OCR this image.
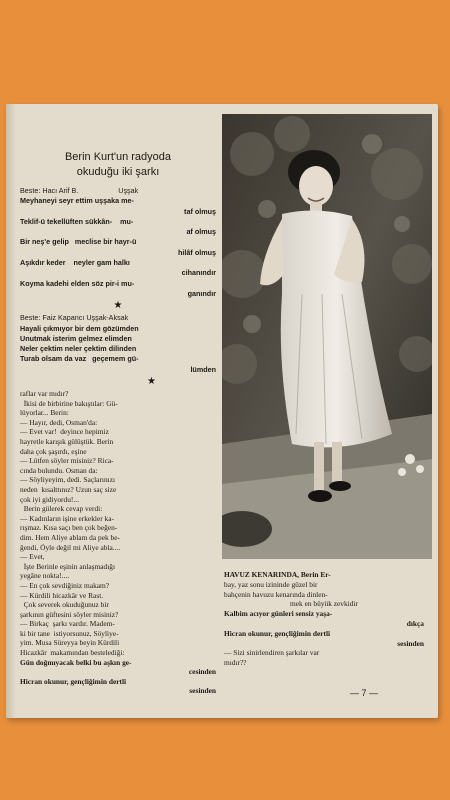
Berin Kurt'un radyoda
okuduğu iki şarkı
Beste: Hacı Arif B.                    Uşşak
Meyhaneyi seyr ettim uşşaka me-
taf olmuş
Teklif-ü tekellüften sükkân-    mu-
af olmuş
Bir neş'e gelip   meclise bir hayr-ü
hilâf olmuş
Aşıkdır keder    neyler gam halkı
cihanındır
Koyma kadehi elden söz pir-i mu-
ganındır
★
Beste: Faiz Kapancı Uşşak-Aksak
Hayali çıkmıyor bir dem gözümden
Unutmak isterim gelmez elimden
Neler çektim neler çektim dilinden
Turab olsam da vaz   geçemem gü-
lümden
★
raflar var mıdır?
İkisi de birbirine bakıştılar: Gü-
lüyorlar... Berin:
— Hayır, dedi, Osman'da:
— Evet var!  deyince hepimiz
hayretle karışık gülüştük. Berin
daha çok şaşırdı, eşine
— Lütfen söyler misiniz? Rica-
cında bulundu. Osman da:
— Söyliyeyim, dedi. Saçlarınızı
neden  kısalttınız? Uzun saç size
çok iyi gidiyordu!...
Berin gülerek cevap verdi:
— Kadınların işine erkekler ka-
rışmaz. Kısa saçı ben çok beğen-
dim. Hem Aliye ablam da pek be-
ğendi, Öyle değil mi Aliye abla....
— Evet,
İşte Berinle eşinin anlaşmadığı
yegâne nokta!....
— En çok sevdiğiniz makam?
— Kürdili hicazkâr ve Rast.
Çok severek okuduğunuz bir
şarkının güftesini söyler misiniz?
— Birkaç  şarkı vardır. Madem-
ki bir tane  istiyorsunuz, Söyliye-
yim. Musa Süreyya beyin Kürdili
Hicazkâr  makamından bestelediği:
Gün doğmıyacak belki bu aşkın ge-
cesinden
Hicran okunur, gençliğimin dertli
sesinden
HAVUZ KENARINDA, Berin Er-
bay, yaz sonu izininde güzel bir
bahçenin havuzu kenarında dinlen-
mek en büyük zevkidir
Kalbim acıyor günleri sensiz yaşa-
dıkça
Hicran okunur, gençliğimin dertli
sesinden
— Sizi sinirlendiren şarkılar var
mıdır??
— 7 —
